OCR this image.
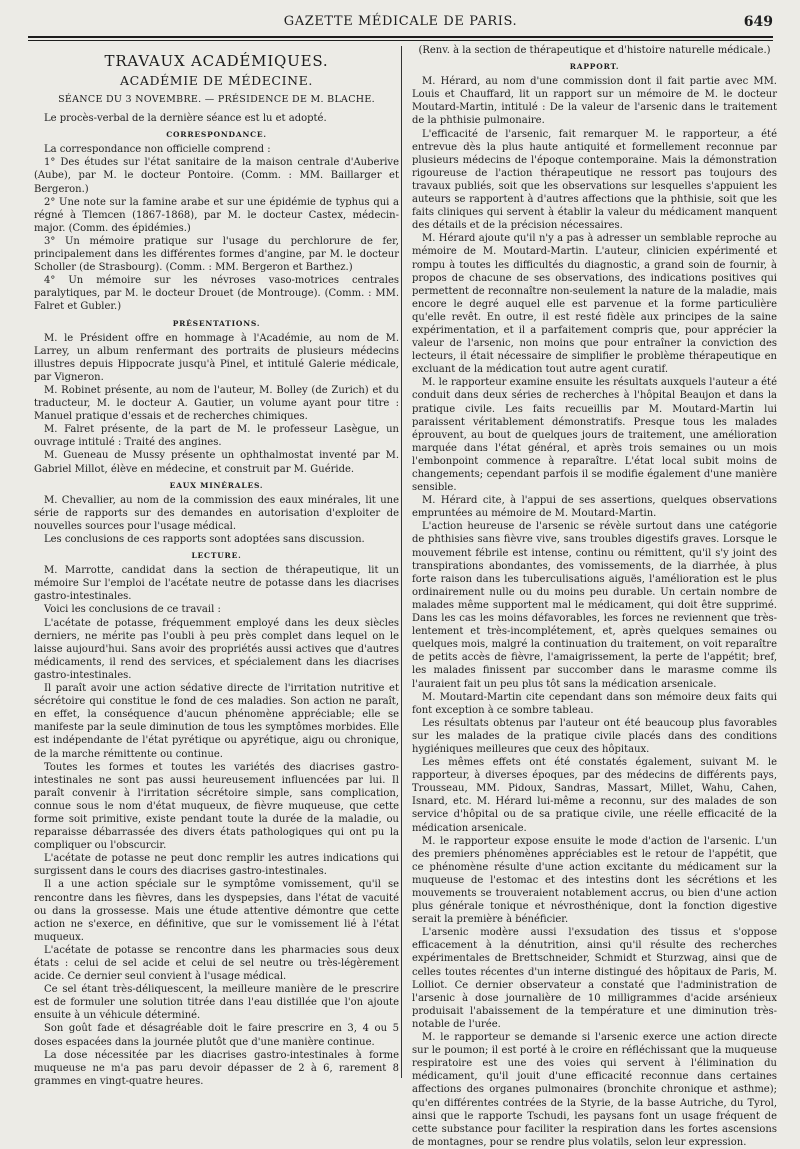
GAZETTE MÉDICALE DE PARIS.	649

TRAVAUX ACADÉMIQUES.

ACADÉMIE DE MÉDECINE.

SÉANCE DU 3 NOVEMBRE. — PRÉSIDENCE DE M. BLACHE.

Le procès-verbal de la dernière séance est lu et adopté.

CORRESPONDANCE.

La correspondance non officielle comprend :

1° Des études sur l'état sanitaire de la maison centrale d'Auberive (Aube), par M. le docteur Pontoire. (Comm. : MM. Baillarger et Bergeron.)

2° Une note sur la famine arabe et sur une épidémie de typhus qui a régné à Tlemcen (1867-1868), par M. le docteur Castex, médecin-major. (Comm. des épidémies.)

3° Un mémoire pratique sur l'usage du perchlorure de fer, principalement dans les différentes formes d'angine, par M. le docteur Scholler (de Strasbourg). (Comm. : MM. Bergeron et Barthez.)

4° Un mémoire sur les névroses vaso-motrices centrales paralytiques, par M. le docteur Drouet (de Montrouge). (Comm. : MM. Falret et Gubler.)

PRÉSENTATIONS.

M. le Président offre en hommage à l'Académie, au nom de M. Larrey, un album renfermant des portraits de plusieurs médecins illustres depuis Hippocrate jusqu'à Pinel, et intitulé Galerie médicale, par Vigneron.

M. Robinet présente, au nom de l'auteur, M. Bolley (de Zurich) et du traducteur, M. le docteur A. Gautier, un volume ayant pour titre : Manuel pratique d'essais et de recherches chimiques.

M. Falret présente, de la part de M. le professeur Lasègue, un ouvrage intitulé : Traité des angines.

M. Gueneau de Mussy présente un ophthalmostat inventé par M. Gabriel Millot, élève en médecine, et construit par M. Guéride.

EAUX MINÉRALES.

M. Chevallier, au nom de la commission des eaux minérales, lit une série de rapports sur des demandes en autorisation d'exploiter de nouvelles sources pour l'usage médical.

Les conclusions de ces rapports sont adoptées sans discussion.

LECTURE.

M. Marrotte, candidat dans la section de thérapeutique, lit un mémoire Sur l'emploi de l'acétate neutre de potasse dans les diacrises gastro-intestinales.

Voici les conclusions de ce travail :

L'acétate de potasse, fréquemment employé dans les deux siècles derniers, ne mérite pas l'oubli à peu près complet dans lequel on le laisse aujourd'hui. Sans avoir des propriétés aussi actives que d'autres médicaments, il rend des services, et spécialement dans les diacrises gastro-intestinales.

Il paraît avoir une action sédative directe de l'irritation nutritive et sécrétoire qui constitue le fond de ces maladies. Son action ne paraît, en effet, la conséquence d'aucun phénomène appréciable; elle se manifeste par la seule diminution de tous les symptômes morbides. Elle est indépendante de l'état pyrétique ou apyrétique, aigu ou chronique, de la marche rémittente ou continue.

Toutes les formes et toutes les variétés des diacrises gastro-intestinales ne sont pas aussi heureusement influencées par lui. Il paraît convenir à l'irritation sécrétoire simple, sans complication, connue sous le nom d'état muqueux, de fièvre muqueuse, que cette forme soit primitive, existe pendant toute la durée de la maladie, ou reparaisse débarrassée des divers états pathologiques qui ont pu la compliquer ou l'obscurcir.

L'acétate de potasse ne peut donc remplir les autres indications qui surgissent dans le cours des diacrises gastro-intestinales.

Il a une action spéciale sur le symptôme vomissement, qu'il se rencontre dans les fièvres, dans les dyspepsies, dans l'état de vacuité ou dans la grossesse. Mais une étude attentive démontre que cette action ne s'exerce, en définitive, que sur le vomissement lié à l'état muqueux.

L'acétate de potasse se rencontre dans les pharmacies sous deux états : celui de sel acide et celui de sel neutre ou très-légèrement acide. Ce dernier seul convient à l'usage médical.

Ce sel étant très-déliquescent, la meilleure manière de le prescrire est de formuler une solution titrée dans l'eau distillée que l'on ajoute ensuite à un véhicule déterminé.

Son goût fade et désagréable doit le faire prescrire en 3, 4 ou 5 doses espacées dans la journée plutôt que d'une manière continue.

La dose nécessitée par les diacrises gastro-intestinales à forme muqueuse ne m'a pas paru devoir dépasser de 2 à 6, rarement 8 grammes en vingt-quatre heures.

(Renv. à la section de thérapeutique et d'histoire naturelle médicale.)

RAPPORT.

M. Hérard, au nom d'une commission dont il fait partie avec MM. Louis et Chauffard, lit un rapport sur un mémoire de M. le docteur Moutard-Martin, intitulé : De la valeur de l'arsenic dans le traitement de la phthisie pulmonaire.

L'efficacité de l'arsenic, fait remarquer M. le rapporteur, a été entrevue dès la plus haute antiquité et formellement reconnue par plusieurs médecins de l'époque contemporaine. Mais la démonstration rigoureuse de l'action thérapeutique ne ressort pas toujours des travaux publiés, soit que les observations sur lesquelles s'appuient les auteurs se rapportent à d'autres affections que la phthisie, soit que les faits cliniques qui servent à établir la valeur du médicament manquent des détails et de la précision nécessaires.

M. Hérard ajoute qu'il n'y a pas à adresser un semblable reproche au mémoire de M. Moutard-Martin. L'auteur, clinicien expérimenté et rompu à toutes les difficultés du diagnostic, a grand soin de fournir, à propos de chacune de ses observations, des indications positives qui permettent de reconnaître non-seulement la nature de la maladie, mais encore le degré auquel elle est parvenue et la forme particulière qu'elle revêt. En outre, il est resté fidèle aux principes de la saine expérimentation, et il a parfaitement compris que, pour apprécier la valeur de l'arsenic, non moins que pour entraîner la conviction des lecteurs, il était nécessaire de simplifier le problème thérapeutique en excluant de la médication tout autre agent curatif.

M. le rapporteur examine ensuite les résultats auxquels l'auteur a été conduit dans deux séries de recherches à l'hôpital Beaujon et dans la pratique civile. Les faits recueillis par M. Moutard-Martin lui paraissent véritablement démonstratifs. Presque tous les malades éprouvent, au bout de quelques jours de traitement, une amélioration marquée dans l'état général, et après trois semaines ou un mois l'embonpoint commence à reparaître. L'état local subit moins de changements; cependant parfois il se modifie également d'une manière sensible.

M. Hérard cite, à l'appui de ses assertions, quelques observations empruntées au mémoire de M. Moutard-Martin.

L'action heureuse de l'arsenic se révèle surtout dans une catégorie de phthisies sans fièvre vive, sans troubles digestifs graves. Lorsque le mouvement fébrile est intense, continu ou rémittent, qu'il s'y joint des transpirations abondantes, des vomissements, de la diarrhée, à plus forte raison dans les tuberculisations aiguës, l'amélioration est le plus ordinairement nulle ou du moins peu durable. Un certain nombre de malades même supportent mal le médicament, qui doit être supprimé. Dans les cas les moins défavorables, les forces ne reviennent que très-lentement et très-incomplétement, et, après quelques semaines ou quelques mois, malgré la continuation du traitement, on voit reparaître de petits accès de fièvre, l'amaigrissement, la perte de l'appétit; bref, les malades finissent par succomber dans le marasme comme ils l'auraient fait un peu plus tôt sans la médication arsenicale.

M. Moutard-Martin cite cependant dans son mémoire deux faits qui font exception à ce sombre tableau.

Les résultats obtenus par l'auteur ont été beaucoup plus favorables sur les malades de la pratique civile placés dans des conditions hygiéniques meilleures que ceux des hôpitaux.

Les mêmes effets ont été constatés également, suivant M. le rapporteur, à diverses époques, par des médecins de différents pays, Trousseau, MM. Pidoux, Sandras, Massart, Millet, Wahu, Cahen, Isnard, etc. M. Hérard lui-même a reconnu, sur des malades de son service d'hôpital ou de sa pratique civile, une réelle efficacité de la médication arsenicale.

M. le rapporteur expose ensuite le mode d'action de l'arsenic. L'un des premiers phénomènes appréciables est le retour de l'appétit, que ce phénomène résulte d'une action excitante du médicament sur la muqueuse de l'estomac et des intestins dont les sécrétions et les mouvements se trouveraient notablement accrus, ou bien d'une action plus générale tonique et névrosthénique, dont la fonction digestive serait la première à bénéficier.

L'arsenic modère aussi l'exsudation des tissus et s'oppose efficacement à la dénutrition, ainsi qu'il résulte des recherches expérimentales de Brettschneider, Schmidt et Sturzwag, ainsi que de celles toutes récentes d'un interne distingué des hôpitaux de Paris, M. Lolliot. Ce dernier observateur a constaté que l'administration de l'arsenic à dose journalière de 10 milligrammes d'acide arsénieux produisait l'abaissement de la température et une diminution très-notable de l'urée.

M. le rapporteur se demande si l'arsenic exerce une action directe sur le poumon; il est porté à le croire en réfléchissant que la muqueuse respiratoire est une des voies qui servent à l'élimination du médicament, qu'il jouit d'une efficacité reconnue dans certaines affections des organes pulmonaires (bronchite chronique et asthme); qu'en différentes contrées de la Styrie, de la basse Autriche, du Tyrol, ainsi que le rapporte Tschudi, les paysans font un usage fréquent de cette substance pour faciliter la respiration dans les fortes ascensions de montagnes, pour se rendre plus volatils, selon leur expression.
